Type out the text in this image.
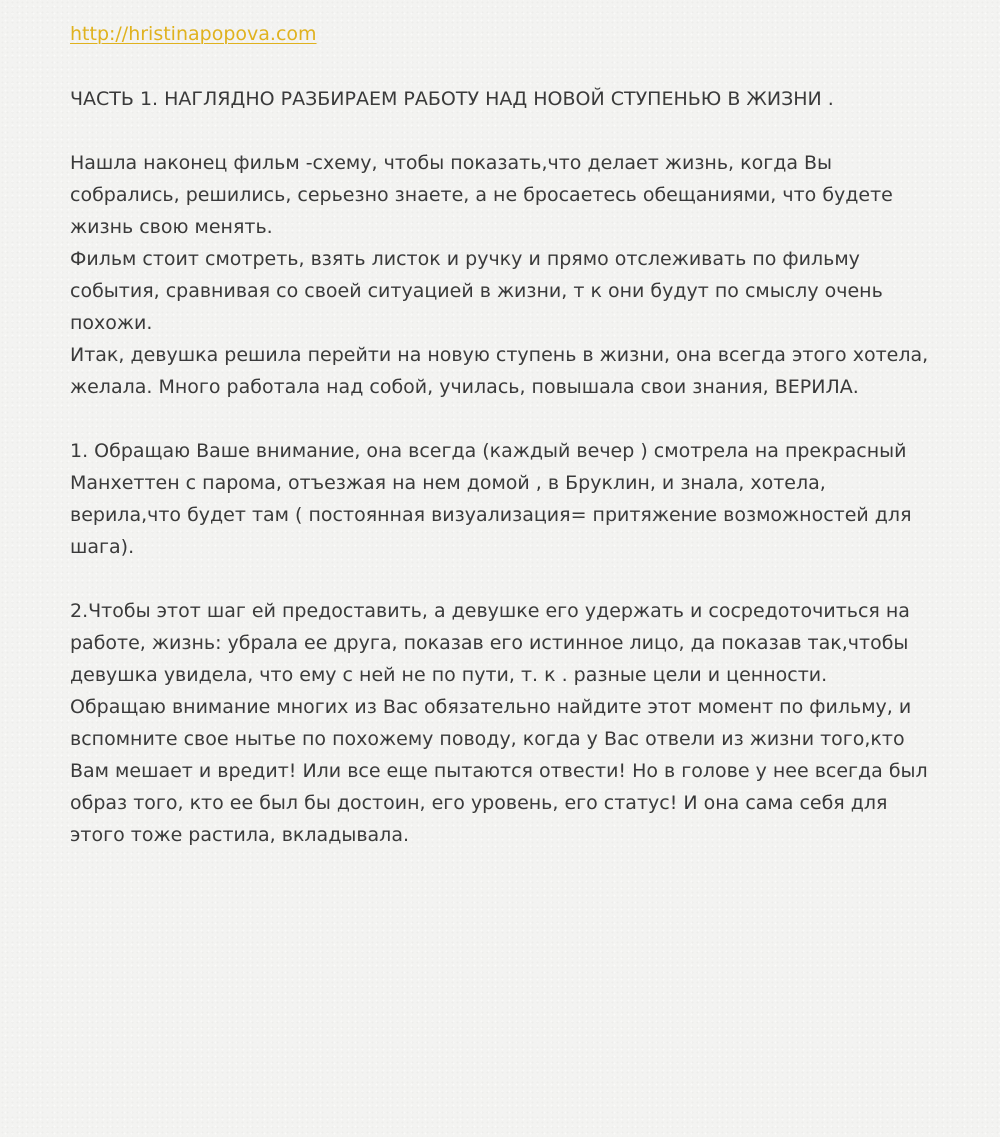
http://hristinapopova.com
ЧАСТЬ 1. НАГЛЯДНО РАЗБИРАЕМ РАБОТУ НАД НОВОЙ СТУПЕНЬЮ В ЖИЗНИ .

Нашла наконец фильм -схему, чтобы показать,что делает жизнь, когда Вы собрались, решились, серьезно знаете, а не бросаетесь обещаниями, что будете жизнь свою менять.

Фильм стоит смотреть, взять листок и ручку и прямо отслеживать по фильму события, сравнивая со своей ситуацией в жизни, т к они будут по смыслу очень похожи.

Итак, девушка решила перейти на новую ступень в жизни, она всегда этого хотела, желала. Много работала над собой, училась, повышала свои знания, ВЕРИЛА.

1. Обращаю Ваше внимание, она всегда (каждый вечер ) смотрела на прекрасный Манхеттен с парома, отъезжая на нем домой , в Бруклин, и знала, хотела, верила,что будет там ( постоянная визуализация= притяжение возможностей для шага).

2.Чтобы этот шаг ей предоставить, а девушке его удержать и сосредоточиться на работе, жизнь: убрала ее друга, показав его истинное лицо, да показав так,чтобы девушка увидела, что ему с ней не по пути, т. к . разные цели и ценности.

Обращаю внимание многих из Вас обязательно найдите этот момент по фильму, и вспомните свое нытье по похожему поводу, когда у Вас отвели из жизни того,кто Вам мешает и вредит! Или все еще пытаются отвести! Но в голове у нее всегда был образ того, кто ее был бы достоин, его уровень, его статус! И она сама себя для этого тоже растила, вкладывала.
